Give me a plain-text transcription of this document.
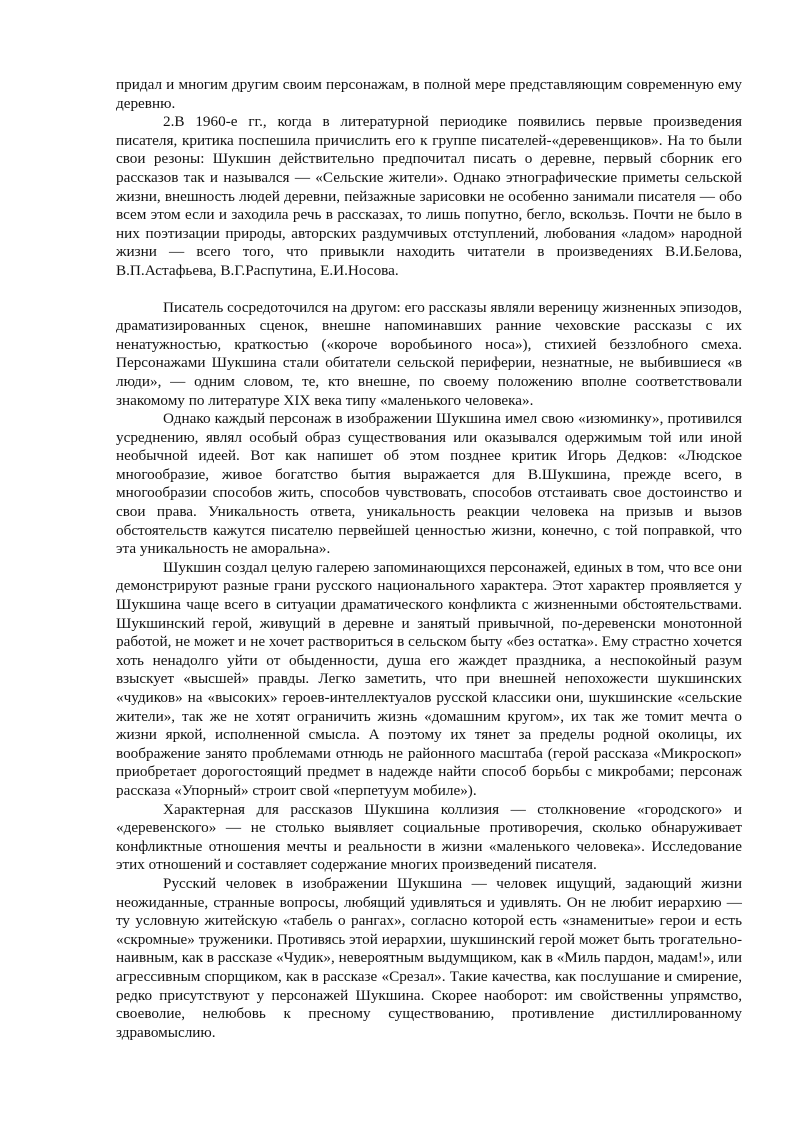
придал и многим другим своим персонажам, в полной мере представляющим современную ему деревню.

2.В 1960-е гг., когда в литературной периодике появились первые произведения писателя, критика поспешила причислить его к группе писателей-«деревенщиков». На то были свои резоны: Шукшин действительно предпочитал писать о деревне, первый сборник его рассказов так и назывался — «Сельские жители». Однако этнографические приметы сельской жизни, внешность людей деревни, пейзажные зарисовки не особенно занимали писателя — обо всем этом если и заходила речь в рассказах, то лишь попутно, бегло, вскользь. Почти не было в них поэтизации природы, авторских раздумчивых отступлений, любования «ладом» народной жизни — всего того, что привыкли находить читатели в произведениях В.И.Белова, В.П.Астафьева, В.Г.Распутина, Е.И.Носова.

Писатель сосредоточился на другом: его рассказы являли вереницу жизненных эпизодов, драматизированных сценок, внешне напоминавших ранние чеховские рассказы с их ненатужностью, краткостью («короче воробьиного носа»), стихией беззлобного смеха. Персонажами Шукшина стали обитатели сельской периферии, незнатные, не выбившиеся «в люди», — одним словом, те, кто внешне, по своему положению вполне соответствовали знакомому по литературе XIX века типу «маленького человека».

Однако каждый персонаж в изображении Шукшина имел свою «изюминку», противился усреднению, являл особый образ существования или оказывался одержимым той или иной необычной идеей. Вот как напишет об этом позднее критик Игорь Дедков: «Людское многообразие, живое богатство бытия выражается для В.Шукшина, прежде всего, в многообразии способов жить, способов чувствовать, способов отстаивать свое достоинство и свои права. Уникальность ответа, уникальность реакции человека на призыв и вызов обстоятельств кажутся писателю первейшей ценностью жизни, конечно, с той поправкой, что эта уникальность не аморальна».

Шукшин создал целую галерею запоминающихся персонажей, единых в том, что все они демонстрируют разные грани русского национального характера. Этот характер проявляется у Шукшина чаще всего в ситуации драматического конфликта с жизненными обстоятельствами. Шукшинский герой, живущий в деревне и занятый привычной, по-деревенски монотонной работой, не может и не хочет раствориться в сельском быту «без остатка». Ему страстно хочется хоть ненадолго уйти от обыденности, душа его жаждет праздника, а неспокойный разум взыскует «высшей» правды. Легко заметить, что при внешней непохожести шукшинских «чудиков» на «высоких» героев-интеллектуалов русской классики они, шукшинские «сельские жители», так же не хотят ограничить жизнь «домашним кругом», их так же томит мечта о жизни яркой, исполненной смысла. А поэтому их тянет за пределы родной околицы, их воображение занято проблемами отнюдь не районного масштаба (герой рассказа «Микроскоп» приобретает дорогостоящий предмет в надежде найти способ борьбы с микробами; персонаж рассказа «Упорный» строит свой «перпетуум мобиле»).

Характерная для рассказов Шукшина коллизия — столкновение «городского» и «деревенского» — не столько выявляет социальные противоречия, сколько обнаруживает конфликтные отношения мечты и реальности в жизни «маленького человека». Исследование этих отношений и составляет содержание многих произведений писателя.

Русский человек в изображении Шукшина — человек ищущий, задающий жизни неожиданные, странные вопросы, любящий удивляться и удивлять. Он не любит иерархию — ту условную житейскую «табель о рангах», согласно которой есть «знаменитые» герои и есть «скромные» труженики. Противясь этой иерархии, шукшинский герой может быть трогательно-наивным, как в рассказе «Чудик», невероятным выдумщиком, как в «Миль пардон, мадам!», или агрессивным спорщиком, как в рассказе «Срезал». Такие качества, как послушание и смирение, редко присутствуют у персонажей Шукшина. Скорее наоборот: им свойственны упрямство, своеволие, нелюбовь к пресному существованию, противление дистиллированному здравомыслию.
